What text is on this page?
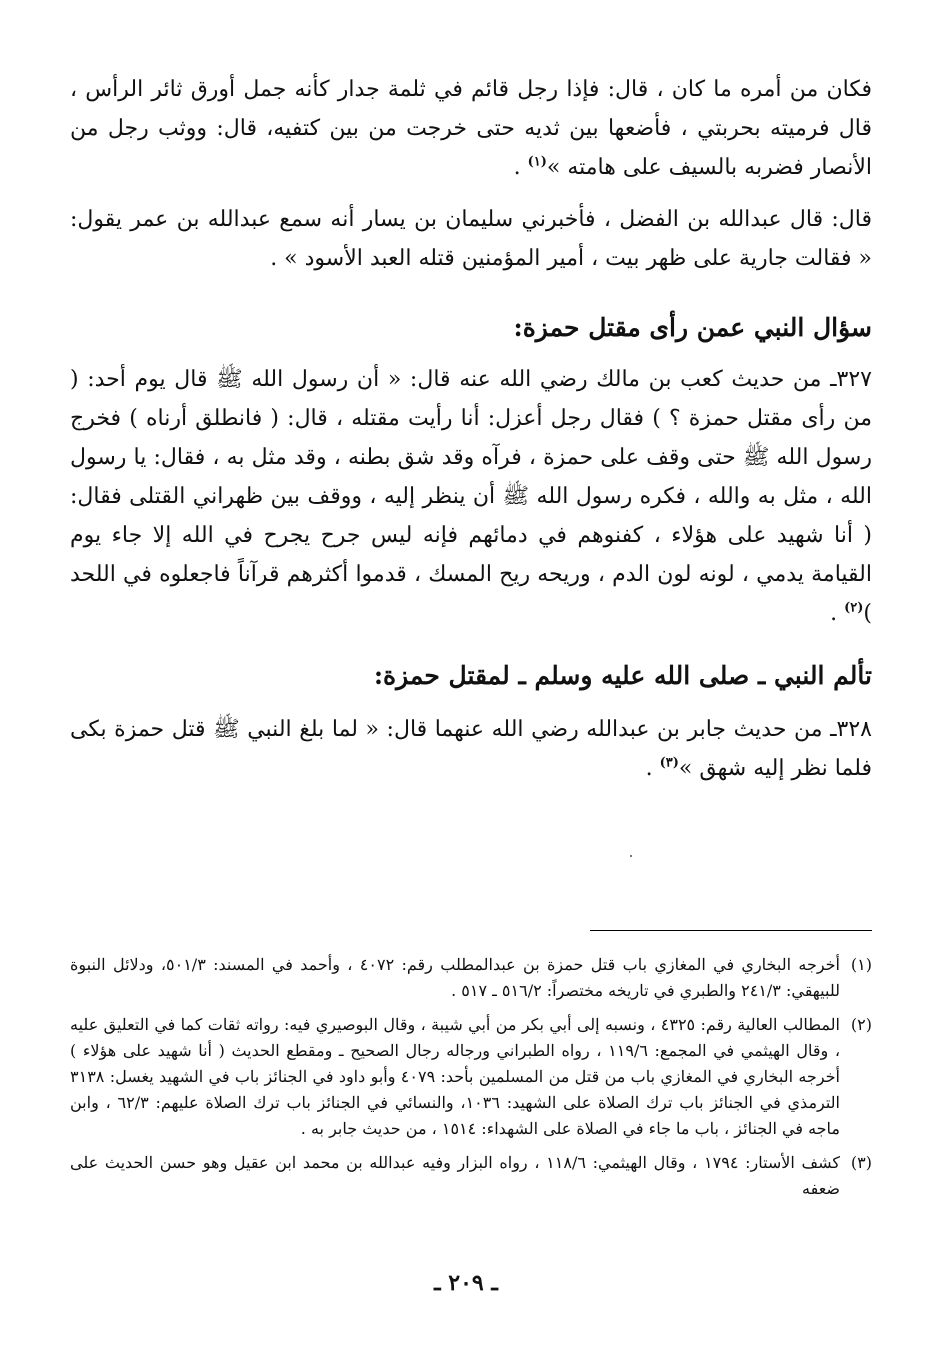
فكان من أمره ما كان ، قال: فإذا رجل قائم في ثلمة جدار كأنه جمل أورق ثائر الرأس ، قال فرميته بحربتي ، فأضعها بين ثديه حتى خرجت من بين كتفيه، قال: ووثب رجل من الأنصار فضربه بالسيف على هامته »$^{(١)}$ .

قال: قال عبدالله بن الفضل ، فأخبرني سليمان بن يسار أنه سمع عبدالله بن عمر يقول: « فقالت جارية على ظهر بيت ، أمير المؤمنين قتله العبد الأسود » .

سؤال النبي عمن رأى مقتل حمزة:

٣٢٧ـ من حديث كعب بن مالك رضي الله عنه قال: « أن رسول الله ﷺ قال يوم أحد: ( من رأى مقتل حمزة ؟ ) فقال رجل أعزل: أنا رأيت مقتله ، قال: ( فانطلق أرناه ) فخرج رسول الله ﷺ حتى وقف على حمزة ، فرآه وقد شق بطنه ، وقد مثل به ، فقال: يا رسول الله ، مثل به والله ، فكره رسول الله ﷺ أن ينظر إليه ، ووقف بين ظهراني القتلى فقال: ( أنا شهيد على هؤلاء ، كفنوهم في دمائهم فإنه ليس جرح يجرح في الله إلا جاء يوم القيامة يدمي ، لونه لون الدم ، وريحه ريح المسك ، قدموا أكثرهم قرآناً فاجعلوه في اللحد )$^{(٢)}$ .

تألم النبي ـ صلى الله عليه وسلم ـ لمقتل حمزة:

٣٢٨ـ من حديث جابر بن عبدالله رضي الله عنهما قال: « لما بلغ النبي ﷺ قتل حمزة بكى فلما نظر إليه شهق »$^{(٣)}$ .

(١)
أخرجه البخاري في المغازي باب قتل حمزة بن عبدالمطلب رقم: ٤٠٧٢ ، وأحمد في المسند: ٥٠١/٣، ودلائل النبوة للبيهقي: ٢٤١/٣ والطبري في تاريخه مختصراً: ٥١٦/٢ ـ ٥١٧ .
(٢)
المطالب العالية رقم: ٤٣٢٥ ، ونسبه إلى أبي بكر من أبي شيبة ، وقال البوصيري فيه: رواته ثقات كما في التعليق عليه ، وقال الهيثمي في المجمع: ١١٩/٦ ، رواه الطبراني ورجاله رجال الصحيح ـ ومقطع الحديث ( أنا شهيد على هؤلاء ) أخرجه البخاري في المغازي باب من قتل من المسلمين بأحد: ٤٠٧٩ وأبو داود في الجنائز باب في الشهيد يغسل: ٣١٣٨ الترمذي في الجنائز باب ترك الصلاة على الشهيد: ١٠٣٦، والنسائي في الجنائز باب ترك الصلاة عليهم: ٦٢/٣ ، وابن ماجه في الجنائز ، باب ما جاء في الصلاة على الشهداء: ١٥١٤ ، من حديث جابر به .
(٣)
كشف الأستار: ١٧٩٤ ، وقال الهيثمي: ١١٨/٦ ، رواه البزار وفيه عبدالله بن محمد ابن عقيل وهو حسن الحديث على ضعفه
ـ ٢٠٩ ـ
